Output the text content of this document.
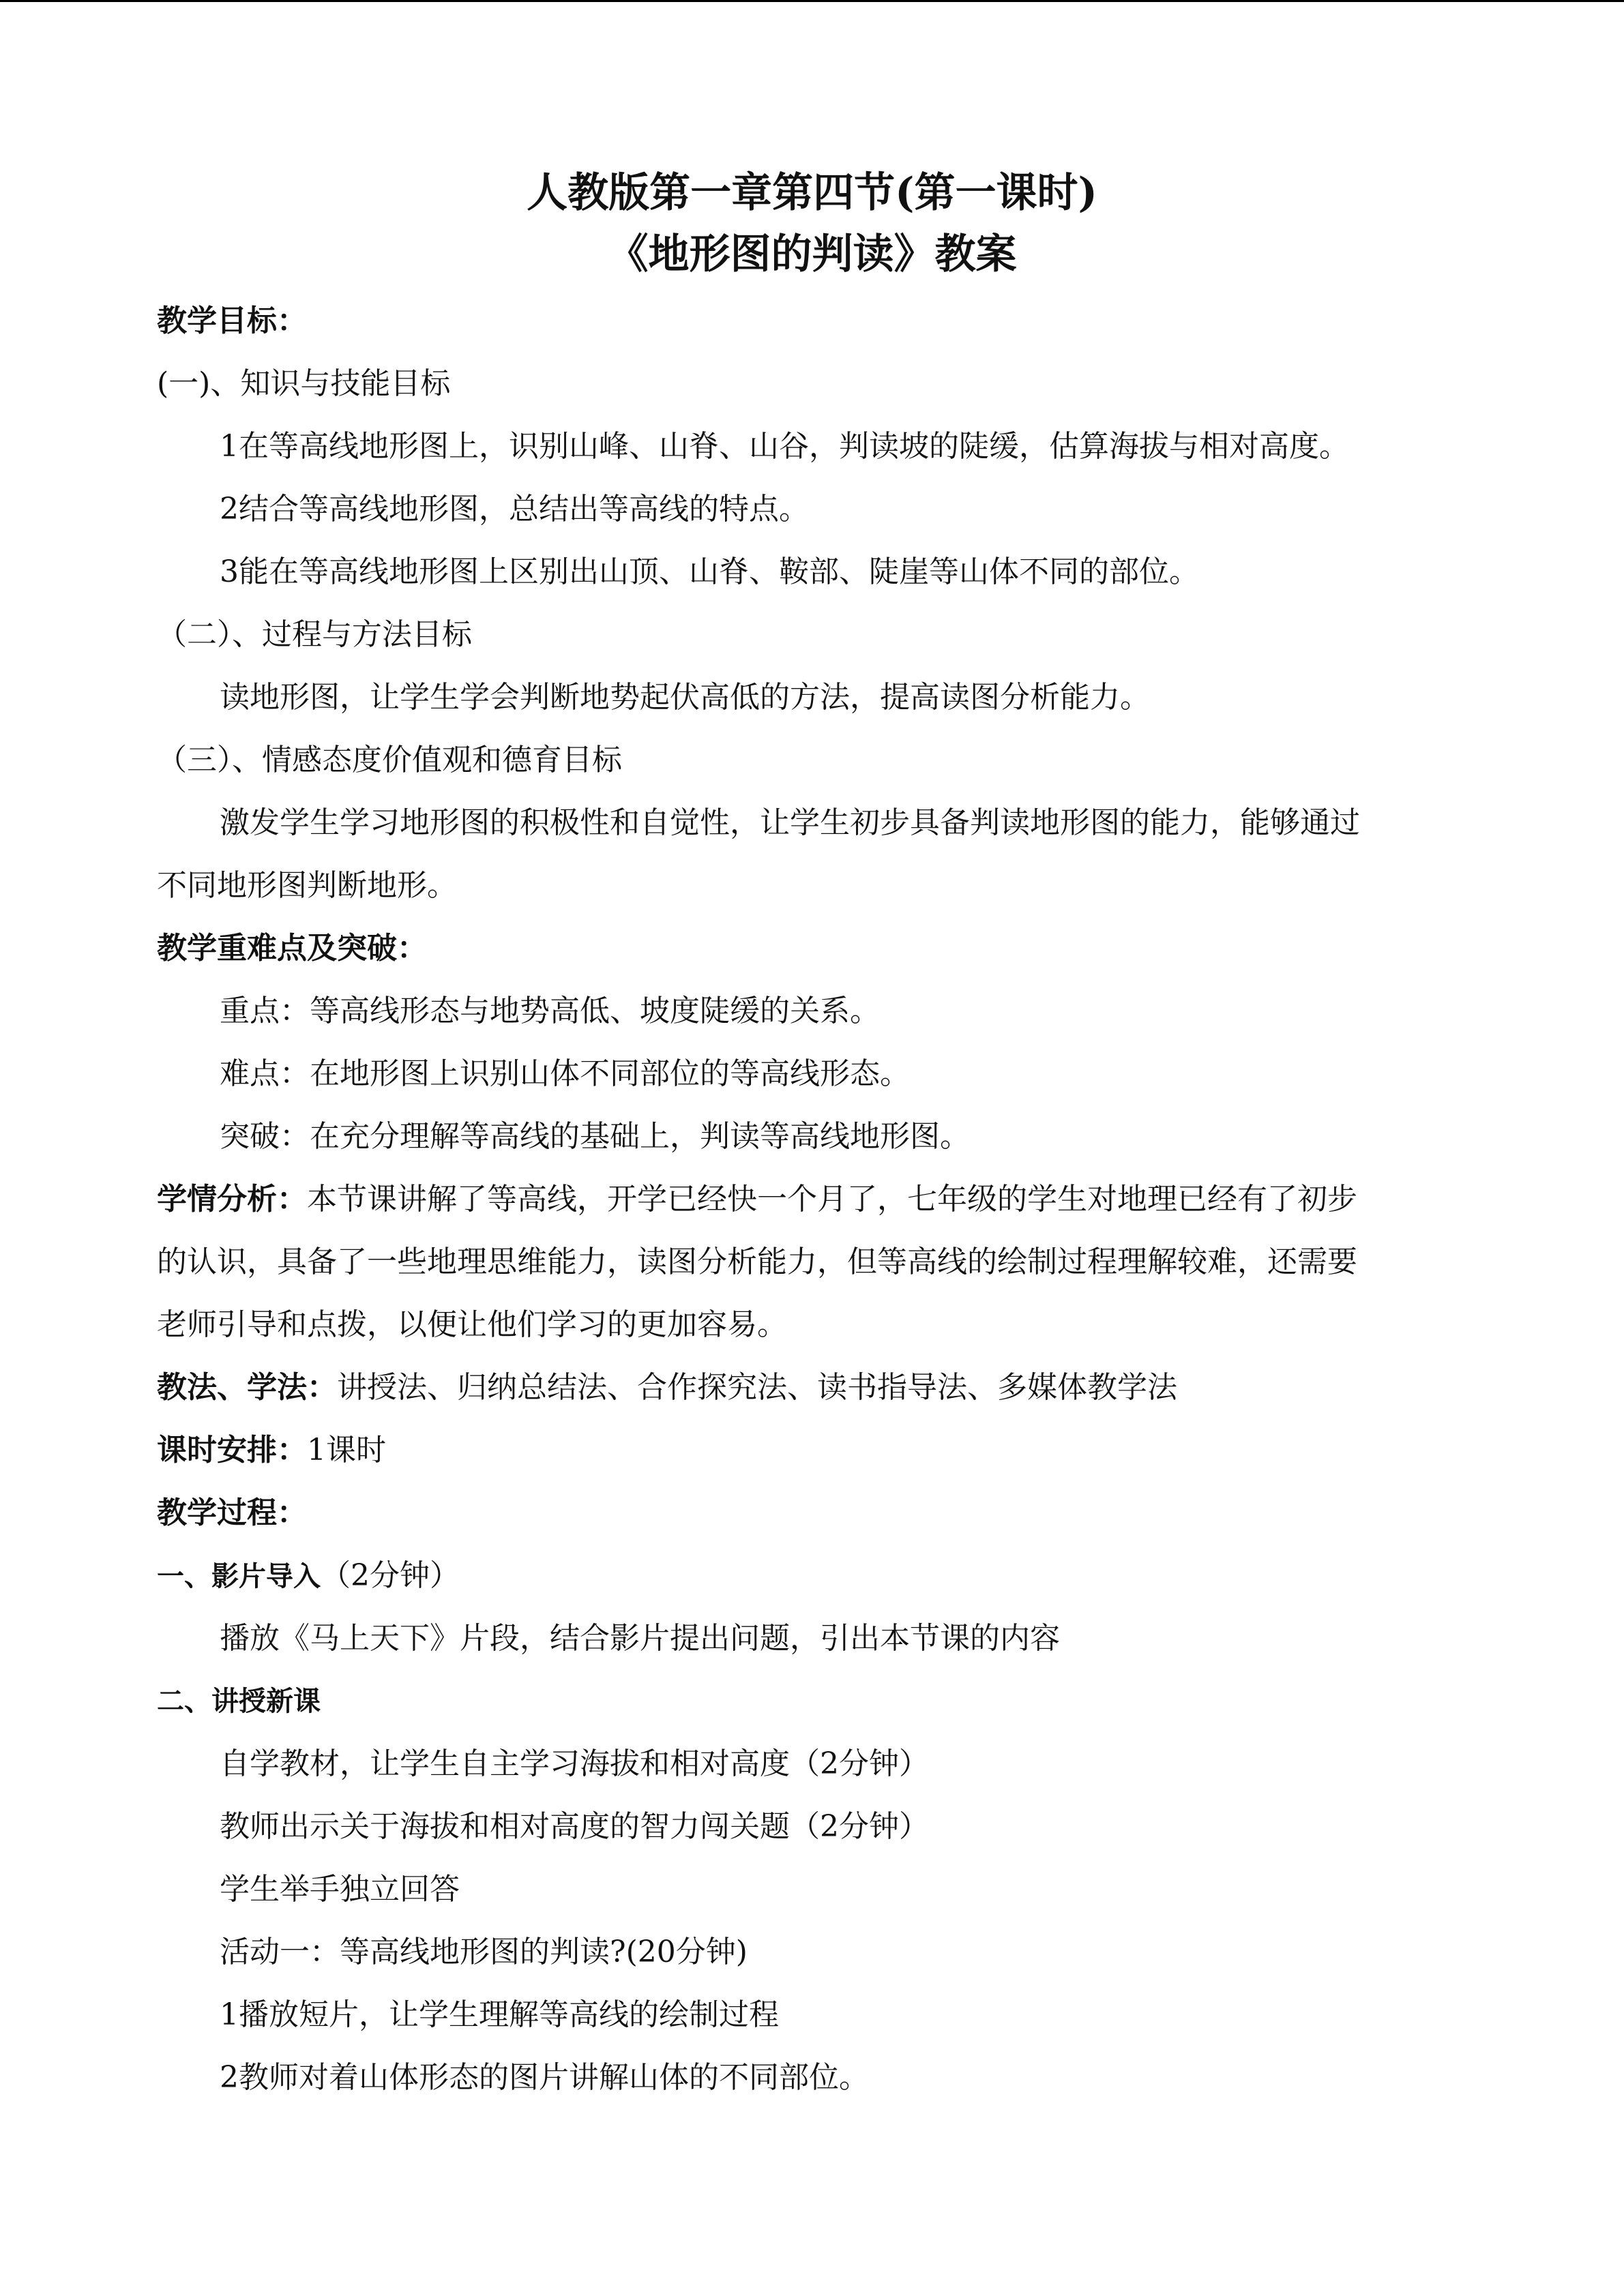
人教版第一章第四节(第一课时)
《地形图的判读》教案
教学目标：
(一)、知识与技能目标
1在等高线地形图上，识别山峰、山脊、山谷，判读坡的陡缓，估算海拔与相对高度。
2结合等高线地形图，总结出等高线的特点。
3能在等高线地形图上区别出山顶、山脊、鞍部、陡崖等山体不同的部位。
（二）、过程与方法目标
读地形图，让学生学会判断地势起伏高低的方法，提高读图分析能力。
（三）、情感态度价值观和德育目标
激发学生学习地形图的积极性和自觉性，让学生初步具备判读地形图的能力，能够通过
不同地形图判断地形。
教学重难点及突破：
重点：等高线形态与地势高低、坡度陡缓的关系。
难点：在地形图上识别山体不同部位的等高线形态。
突破：在充分理解等高线的基础上，判读等高线地形图。
学情分析：本节课讲解了等高线，开学已经快一个月了，七年级的学生对地理已经有了初步
的认识，具备了一些地理思维能力，读图分析能力，但等高线的绘制过程理解较难，还需要
老师引导和点拨，以便让他们学习的更加容易。
教法、学法：讲授法、归纳总结法、合作探究法、读书指导法、多媒体教学法
课时安排：1课时
教学过程：
一、影片导入（2分钟）
播放《马上天下》片段，结合影片提出问题，引出本节课的内容
二、讲授新课
自学教材，让学生自主学习海拔和相对高度（2分钟）
教师出示关于海拔和相对高度的智力闯关题（2分钟）
学生举手独立回答
活动一：等高线地形图的判读?(20分钟)
1播放短片，让学生理解等高线的绘制过程
2教师对着山体形态的图片讲解山体的不同部位。
